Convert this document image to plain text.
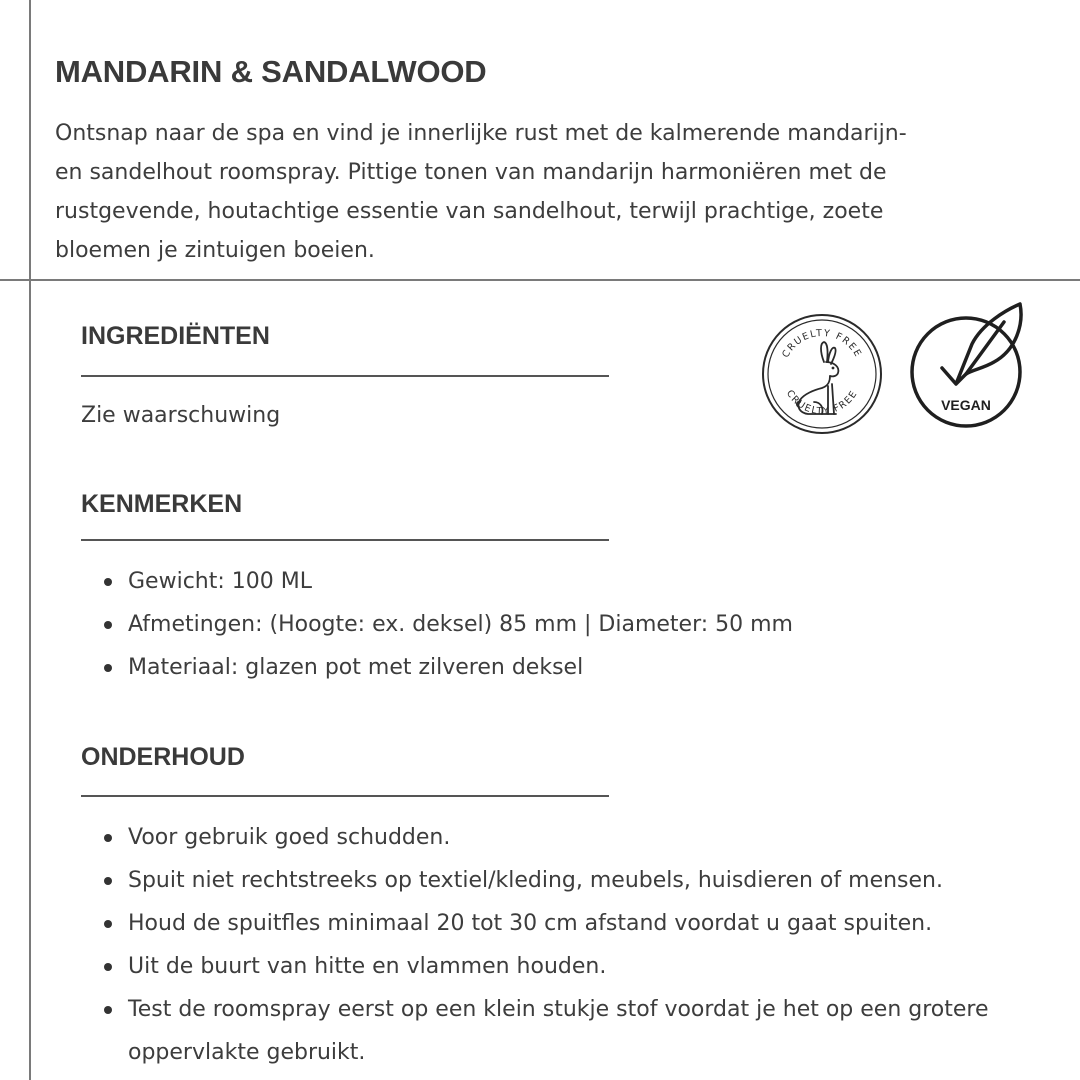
MANDARIN & SANDALWOOD

Ontsnap naar de spa en vind je innerlijke rust met de kalmerende mandarijn-
en sandelhout roomspray. Pittige tonen van mandarijn harmoniëren met de
rustgevende, houtachtige essentie van sandelhout, terwijl prachtige, zoete
bloemen je zintuigen boeien.

INGREDIËNTEN
Zie waarschuwing
KENMERKEN
Gewicht: 100 ML
Afmetingen: (Hoogte: ex. deksel) 85 mm | Diameter: 50 mm
Materiaal: glazen pot met zilveren deksel
ONDERHOUD
Voor gebruik goed schudden.
Spuit niet rechtstreeks op textiel/kleding, meubels, huisdieren of mensen.
Houd de spuitfles minimaal 20 tot 30 cm afstand voordat u gaat spuiten.
Uit de buurt van hitte en vlammen houden.
Test de roomspray eerst op een klein stukje stof voordat je het op een grotere
oppervlakte gebruikt.
CRUELTY FREE
CRUELTY FREE
VEGAN
